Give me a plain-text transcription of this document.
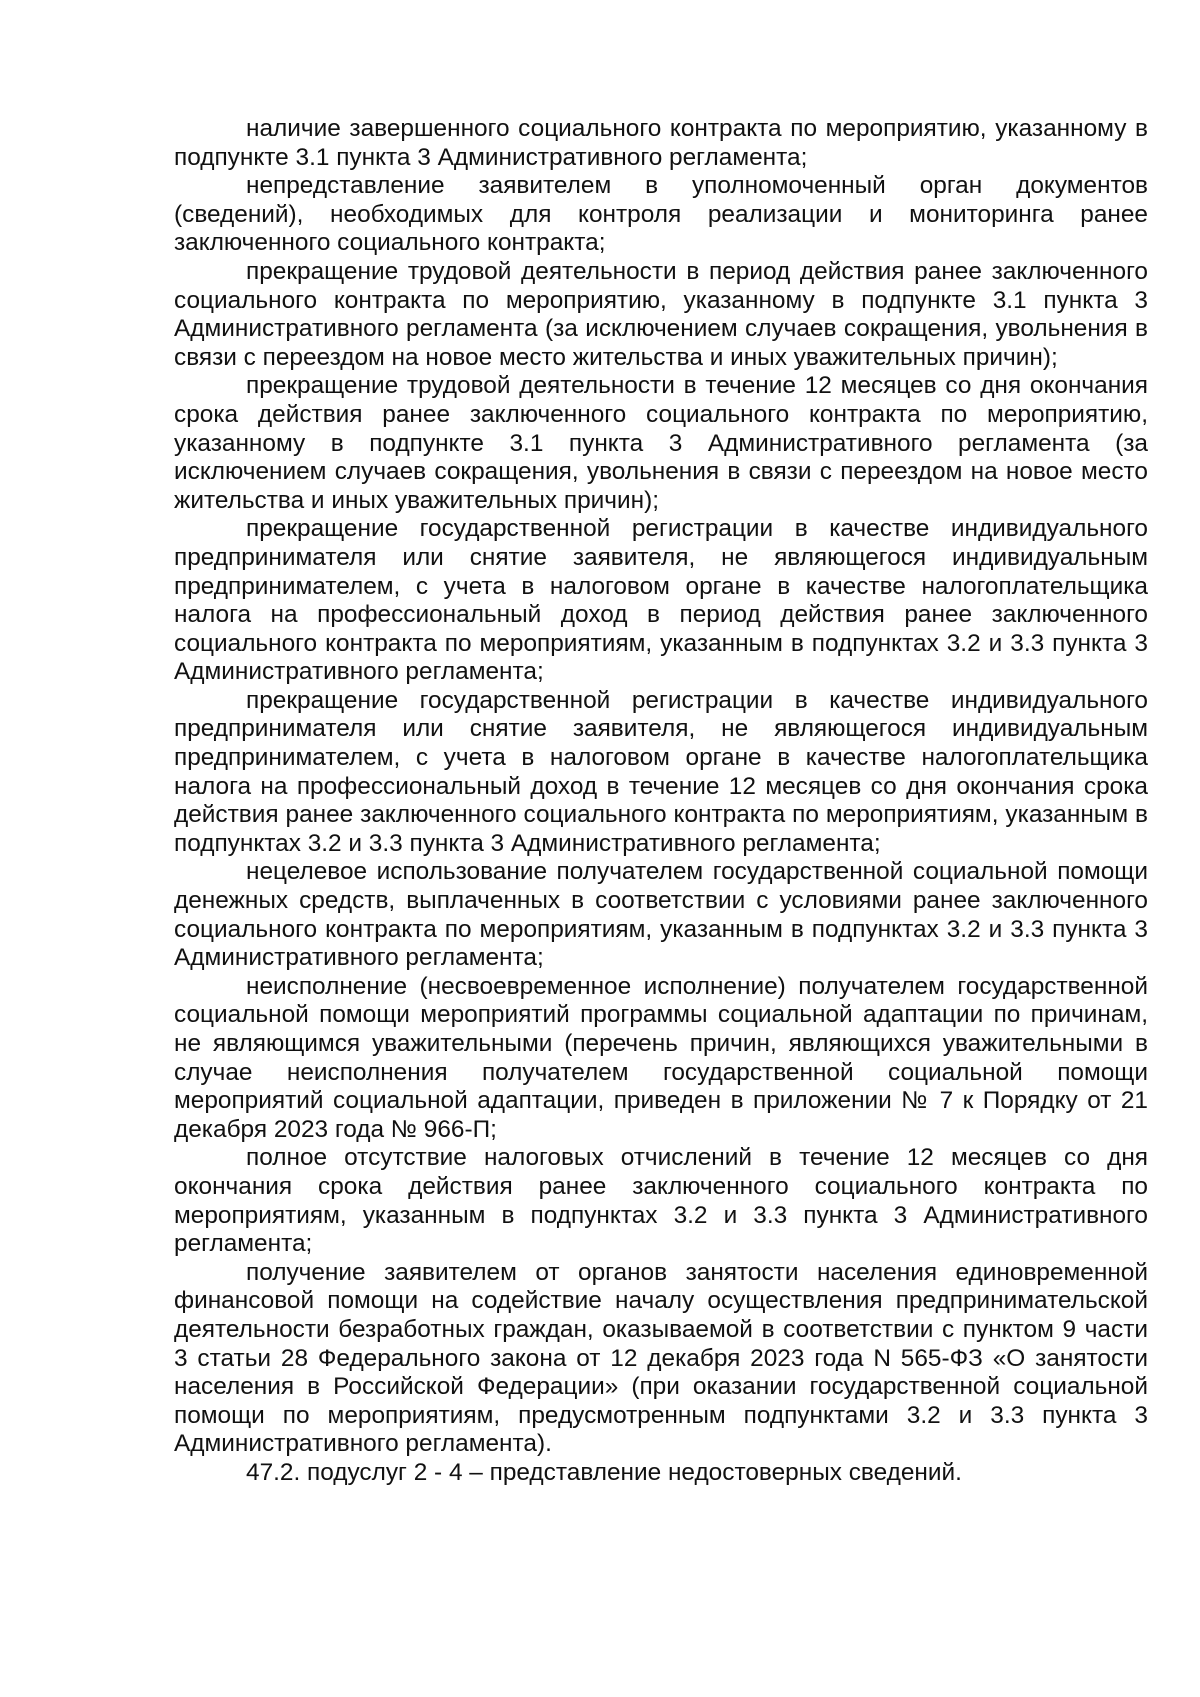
наличие завершенного социального контракта по мероприятию, указанному в подпункте 3.1 пункта 3 Административного регламента;

непредставление заявителем в уполномоченный орган документов (сведений), необходимых для контроля реализации и мониторинга ранее заключенного социального контракта;

прекращение трудовой деятельности в период действия ранее заключенного социального контракта по мероприятию, указанному в подпункте 3.1 пункта 3 Административного регламента (за исключением случаев сокращения, увольнения в связи с переездом на новое место жительства и иных уважительных причин);

прекращение трудовой деятельности в течение 12 месяцев со дня окончания срока действия ранее заключенного социального контракта по мероприятию, указанному в подпункте 3.1 пункта 3 Административного регламента (за исключением случаев сокращения, увольнения в связи с переездом на новое место жительства и иных уважительных причин);

прекращение государственной регистрации в качестве индивидуального предпринимателя или снятие заявителя, не являющегося индивидуальным предпринимателем, с учета в налоговом органе в качестве налогоплательщика налога на профессиональный доход в период действия ранее заключенного социального контракта по мероприятиям, указанным в подпунктах 3.2 и 3.3 пункта 3 Административного регламента;

прекращение государственной регистрации в качестве индивидуального предпринимателя или снятие заявителя, не являющегося индивидуальным предпринимателем, с учета в налоговом органе в качестве налогоплательщика налога на профессиональный доход в течение 12 месяцев со дня окончания срока действия ранее заключенного социального контракта по мероприятиям, указанным в подпунктах 3.2 и 3.3 пункта 3 Административного регламента;

нецелевое использование получателем государственной социальной помощи денежных средств, выплаченных в соответствии с условиями ранее заключенного социального контракта по мероприятиям, указанным в подпунктах 3.2 и 3.3 пункта 3 Административного регламента;

неисполнение (несвоевременное исполнение) получателем государственной социальной помощи мероприятий программы социальной адаптации по причинам, не являющимся уважительными (перечень причин, являющихся уважительными в случае неисполнения получателем государственной социальной помощи мероприятий социальной адаптации, приведен в приложении № 7 к Порядку от 21 декабря 2023 года № 966-П;

полное отсутствие налоговых отчислений в течение 12 месяцев со дня окончания срока действия ранее заключенного социального контракта по мероприятиям, указанным в подпунктах 3.2 и 3.3 пункта 3 Административного регламента;

получение заявителем от органов занятости населения единовременной финансовой помощи на содействие началу осуществления предпринимательской деятельности безработных граждан, оказываемой в соответствии с пунктом 9 части 3 статьи 28 Федерального закона от 12 декабря 2023 года N 565-ФЗ «О занятости населения в Российской Федерации» (при оказании государственной социальной помощи по мероприятиям, предусмотренным подпунктами 3.2 и 3.3 пункта 3 Административного регламента).

47.2. подуслуг 2 - 4 – представление недостоверных сведений.
